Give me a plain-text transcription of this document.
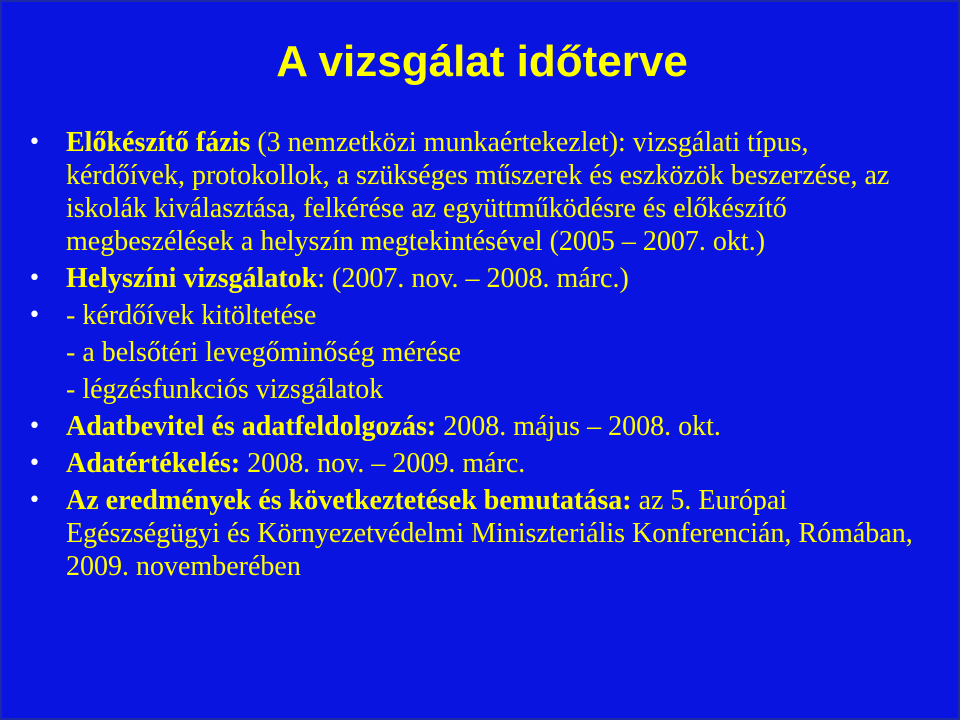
A vizsgálat időterve
• Előkészítő fázis (3 nemzetközi munkaértekezlet): vizsgálati típus, kérdőívek, protokollok, a szükséges műszerek és eszközök beszerzése, az iskolák kiválasztása, felkérése az együttműködésre és előkészítő megbeszélések a helyszín megtekintésével (2005 – 2007. okt.)
• Helyszíni vizsgálatok: (2007. nov. – 2008. márc.)
• - kérdőívek kitöltetése
- a belsőtéri levegőminőség mérése
- légzésfunkciós vizsgálatok
• Adatbevitel és adatfeldolgozás: 2008. május – 2008. okt.
• Adatértékelés: 2008. nov. – 2009. márc.
• Az eredmények és következtetések bemutatása: az 5. Európai Egészségügyi és Környezetvédelmi Miniszteriális Konferencián, Rómában, 2009. novemberében
